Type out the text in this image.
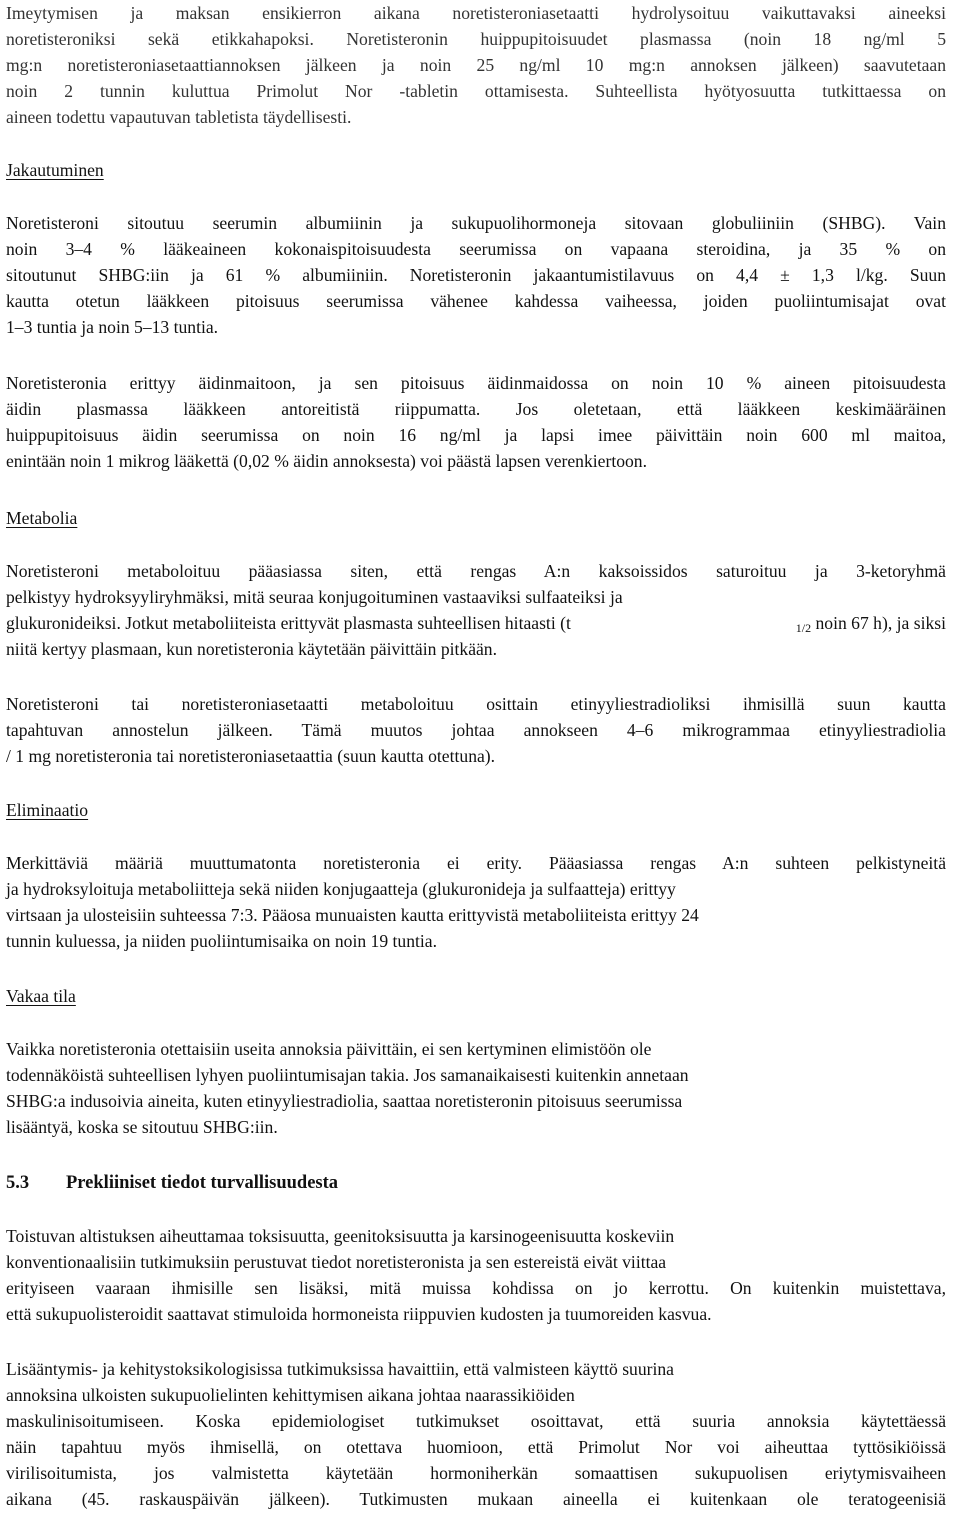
Imeytymisen ja maksan ensikierron aikana noretisteroniasetaatti hydrolysoituu vaikuttavaksi aineeksi
noretisteroniksi sekä etikkahapoksi. Noretisteronin huippupitoisuudet plasmassa (noin 18 ng/ml 5
mg:n noretisteroniasetaattiannoksen jälkeen ja noin 25 ng/ml 10 mg:n annoksen jälkeen) saavutetaan
noin 2 tunnin kuluttua Primolut Nor -tabletin ottamisesta. Suhteellista hyötyosuutta tutkittaessa on
aineen todettu vapautuvan tabletista täydellisesti.
Jakautuminen
Noretisteroni sitoutuu seerumin albumiinin ja sukupuolihormoneja sitovaan globuliiniin (SHBG). Vain
noin 3–4 % lääkeaineen kokonaispitoisuudesta seerumissa on vapaana steroidina, ja 35 % on
sitoutunut SHBG:iin ja 61 % albumiiniin. Noretisteronin jakaantumistilavuus on 4,4 ± 1,3 l/kg. Suun
kautta otetun lääkkeen pitoisuus seerumissa vähenee kahdessa vaiheessa, joiden puoliintumisajat ovat
1–3 tuntia ja noin 5–13 tuntia.
Noretisteronia erittyy äidinmaitoon, ja sen pitoisuus äidinmaidossa on noin 10 % aineen pitoisuudesta
äidin plasmassa lääkkeen antoreitistä riippumatta. Jos oletetaan, että lääkkeen keskimääräinen
huippupitoisuus äidin seerumissa on noin 16 ng/ml ja lapsi imee päivittäin noin 600 ml maitoa,
enintään noin 1 mikrog lääkettä (0,02 % äidin annoksesta) voi päästä lapsen verenkiertoon.
Metabolia
Noretisteroni metaboloituu pääasiassa siten, että rengas A:n kaksoissidos saturoituu ja 3-ketoryhmä
pelkistyy hydroksyyliryhmäksi, mitä seuraa konjugoituminen vastaaviksi sulfaateiksi ja
glukuronideiksi. Jotkut metaboliiteista erittyvät plasmasta suhteellisen hitaasti (t	$_{1/2}$ noin 67 h), ja siksi
niitä kertyy plasmaan, kun noretisteronia käytetään päivittäin pitkään.
Noretisteroni tai noretisteroniasetaatti metaboloituu osittain etinyyliestradioliksi ihmisillä suun kautta
tapahtuvan annostelun jälkeen. Tämä muutos johtaa annokseen 4–6 mikrogrammaa etinyyliestradiolia
/ 1 mg noretisteronia tai noretisteroniasetaattia (suun kautta otettuna).
Eliminaatio
Merkittäviä määriä muuttumatonta noretisteronia ei erity. Pääasiassa rengas A:n suhteen pelkistyneitä
ja hydroksyloituja metaboliitteja sekä niiden konjugaatteja (glukuronideja ja sulfaatteja) erittyy
virtsaan ja ulosteisiin suhteessa 7:3. Pääosa munuaisten kautta erittyvistä metaboliiteista erittyy 24
tunnin kuluessa, ja niiden puoliintumisaika on noin 19 tuntia.
Vakaa tila
Vaikka noretisteronia otettaisiin useita annoksia päivittäin, ei sen kertyminen elimistöön ole
todennäköistä suhteellisen lyhyen puoliintumisajan takia. Jos samanaikaisesti kuitenkin annetaan
SHBG:a indusoivia aineita, kuten etinyyliestradiolia, saattaa noretisteronin pitoisuus seerumissa
lisääntyä, koska se sitoutuu SHBG:iin.
5.3 Prekliiniset tiedot turvallisuudesta
Toistuvan altistuksen aiheuttamaa toksisuutta, geenitoksisuutta ja karsinogeenisuutta koskeviin
konventionaalisiin tutkimuksiin perustuvat tiedot noretisteronista ja sen estereistä eivät viittaa
erityiseen vaaraan ihmisille sen lisäksi, mitä muissa kohdissa on jo kerrottu. On kuitenkin muistettava,
että sukupuolisteroidit saattavat stimuloida hormoneista riippuvien kudosten ja tuumoreiden kasvua.
Lisääntymis- ja kehitystoksikologisissa tutkimuksissa havaittiin, että valmisteen käyttö suurina
annoksina ulkoisten sukupuolielinten kehittymisen aikana johtaa naarassikiöiden
maskulinisoitumiseen. Koska epidemiologiset tutkimukset osoittavat, että suuria annoksia käytettäessä
näin tapahtuu myös ihmisellä, on otettava huomioon, että Primolut Nor voi aiheuttaa tyttösikiöissä
virilisoitumista, jos valmistetta käytetään hormoniherkän somaattisen sukupuolisen eriytymisvaiheen
aikana (45. raskauspäivän jälkeen). Tutkimusten mukaan aineella ei kuitenkaan ole teratogeenisiä
